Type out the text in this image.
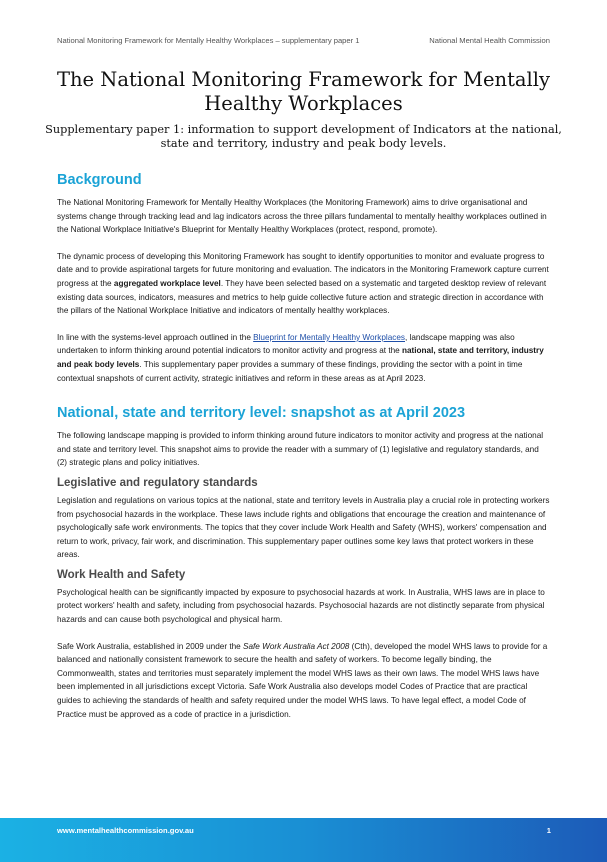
National Monitoring Framework for Mentally Healthy Workplaces – supplementary paper 1	National Mental Health Commission
The National Monitoring Framework for Mentally Healthy Workplaces

Supplementary paper 1: information to support development of Indicators at the national, state and territory, industry and peak body levels.

Background

The National Monitoring Framework for Mentally Healthy Workplaces (the Monitoring Framework) aims to drive organisational and systems change through tracking lead and lag indicators across the three pillars fundamental to mentally healthy workplaces outlined in the National Workplace Initiative's Blueprint for Mentally Healthy Workplaces (protect, respond, promote).

The dynamic process of developing this Monitoring Framework has sought to identify opportunities to monitor and evaluate progress to date and to provide aspirational targets for future monitoring and evaluation. The indicators in the Monitoring Framework capture current progress at the aggregated workplace level. They have been selected based on a systematic and targeted desktop review of relevant existing data sources, indicators, measures and metrics to help guide collective future action and strategic direction in accordance with the pillars of the National Workplace Initiative and indicators of mentally healthy workplaces.

In line with the systems-level approach outlined in the Blueprint for Mentally Healthy Workplaces, landscape mapping was also undertaken to inform thinking around potential indicators to monitor activity and progress at the national, state and territory, industry and peak body levels. This supplementary paper provides a summary of these findings, providing the sector with a point in time contextual snapshots of current activity, strategic initiatives and reform in these areas as at April 2023.

National, state and territory level: snapshot as at April 2023

The following landscape mapping is provided to inform thinking around future indicators to monitor activity and progress at the national and state and territory level. This snapshot aims to provide the reader with a summary of (1) legislative and regulatory standards, and (2) strategic plans and policy initiatives.

Legislative and regulatory standards

Legislation and regulations on various topics at the national, state and territory levels in Australia play a crucial role in protecting workers from psychosocial hazards in the workplace. These laws include rights and obligations that encourage the creation and maintenance of psychologically safe work environments. The topics that they cover include Work Health and Safety (WHS), workers' compensation and return to work, privacy, fair work, and discrimination. This supplementary paper outlines some key laws that protect workers in these areas.

Work Health and Safety

Psychological health can be significantly impacted by exposure to psychosocial hazards at work. In Australia, WHS laws are in place to protect workers' health and safety, including from psychosocial hazards. Psychosocial hazards are not distinctly separate from physical hazards and can cause both psychological and physical harm.

Safe Work Australia, established in 2009 under the Safe Work Australia Act 2008 (Cth), developed the model WHS laws to provide for a balanced and nationally consistent framework to secure the health and safety of workers. To become legally binding, the Commonwealth, states and territories must separately implement the model WHS laws as their own laws. The model WHS laws have been implemented in all jurisdictions except Victoria. Safe Work Australia also develops model Codes of Practice that are practical guides to achieving the standards of health and safety required under the model WHS laws. To have legal effect, a model Code of Practice must be approved as a code of practice in a jurisdiction.

www.mentalhealthcommission.gov.au	1
